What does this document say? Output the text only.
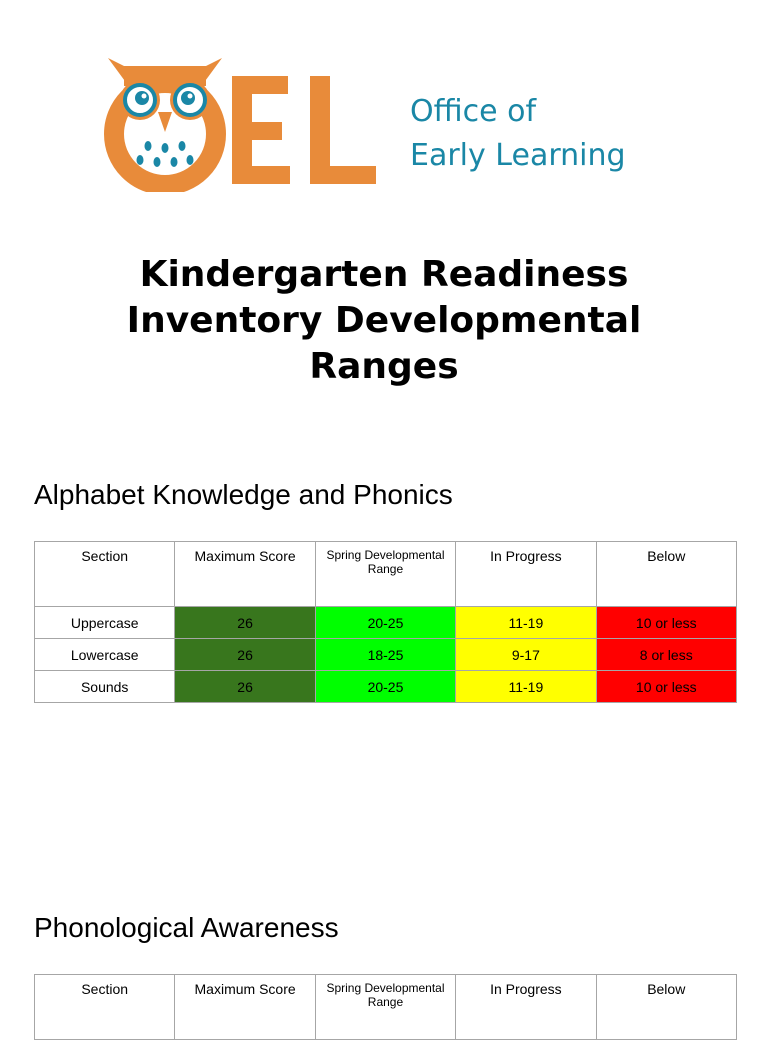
Office of
Early Learning
Kindergarten Readiness Inventory Developmental Ranges
Alphabet Knowledge and Phonics
Section	Maximum Score	Spring Developmental Range	In Progress	Below
Uppercase	26	20-25	11-19	10 or less
Lowercase	26	18-25	9-17	8 or less
Sounds	26	20-25	11-19	10 or less
Phonological Awareness
Section	Maximum Score	Spring Developmental Range	In Progress	Below
